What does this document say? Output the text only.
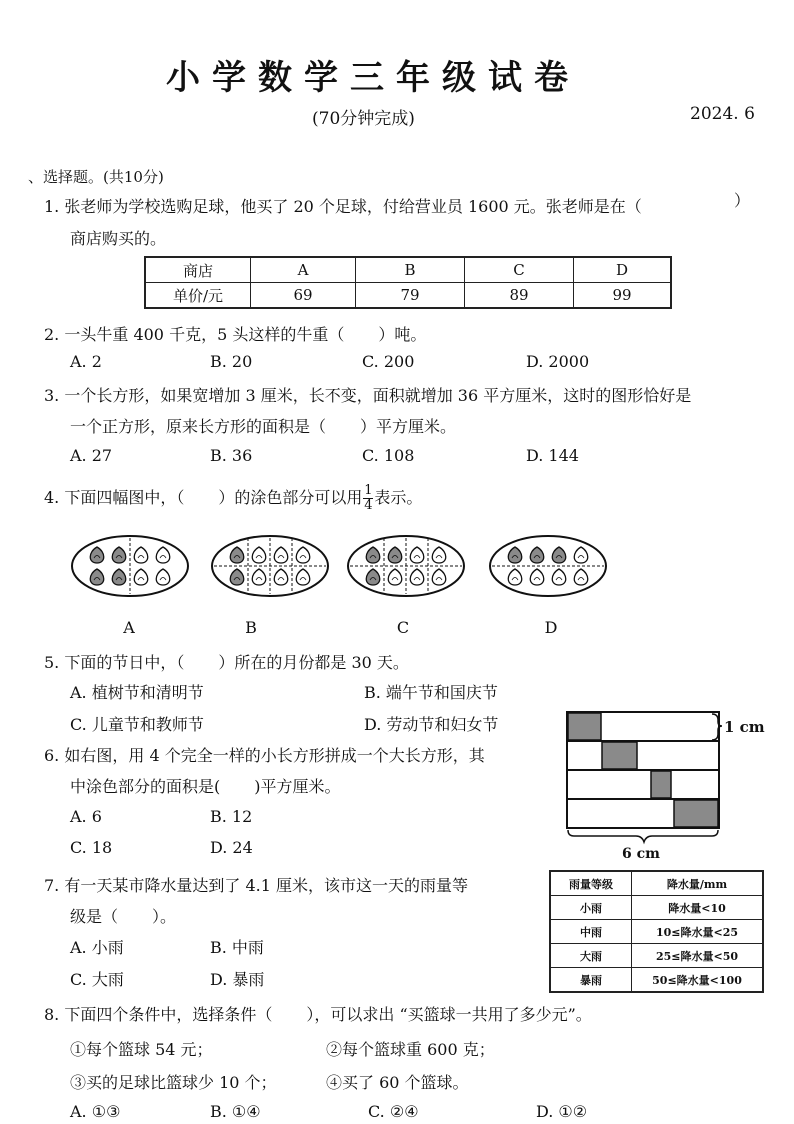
小学数学三年级试卷
(70分钟完成)	2024. 6
、选择题。(共10分)
1. 张老师为学校选购足球，他买了 20 个足球，付给营业员 1600 元。张老师是在（	）
商店购买的。
商店	A	B	C	D
单价/元	69	79	89	99
2. 一头牛重 400 千克，5 头这样的牛重（ ）吨。
A. 2	B. 20	C. 200	D. 2000
3. 一个长方形，如果宽增加 3 厘米，长不变，面积就增加 36 平方厘米，这时的图形恰好是
一个正方形，原来长方形的面积是（ ）平方厘米。
A. 27	B. 36	C. 108	D. 144
4. 下面四幅图中，（ ）的涂色部分可以用 $\frac{1}{4}$ 表示。
A	B	C	D
5. 下面的节日中，（ ）所在的月份都是 30 天。
A. 植树节和清明节	B. 端午节和国庆节
C. 儿童节和教师节	D. 劳动节和妇女节
6. 如右图，用 4 个完全一样的小长方形拼成一个大长方形，其
中涂色部分的面积是( )平方厘米。
A. 6	B. 12
C. 18	D. 24
1 cm
6 cm
7. 有一天某市降水量达到了 4.1 厘米，该市这一天的雨量等
级是（ ）。
A. 小雨	B. 中雨
C. 大雨	D. 暴雨
雨量等级	降水量/mm
小雨	降水量<10
中雨	10≤降水量<25
大雨	25≤降水量<50
暴雨	50≤降水量<100
8. 下面四个条件中，选择条件（ ），可以求出 “买篮球一共用了多少元”。
①每个篮球 54 元；	②每个篮球重 600 克；
③买的足球比篮球少 10 个；	④买了 60 个篮球。
A. ①③	B. ①④	C. ②④	D. ①②
